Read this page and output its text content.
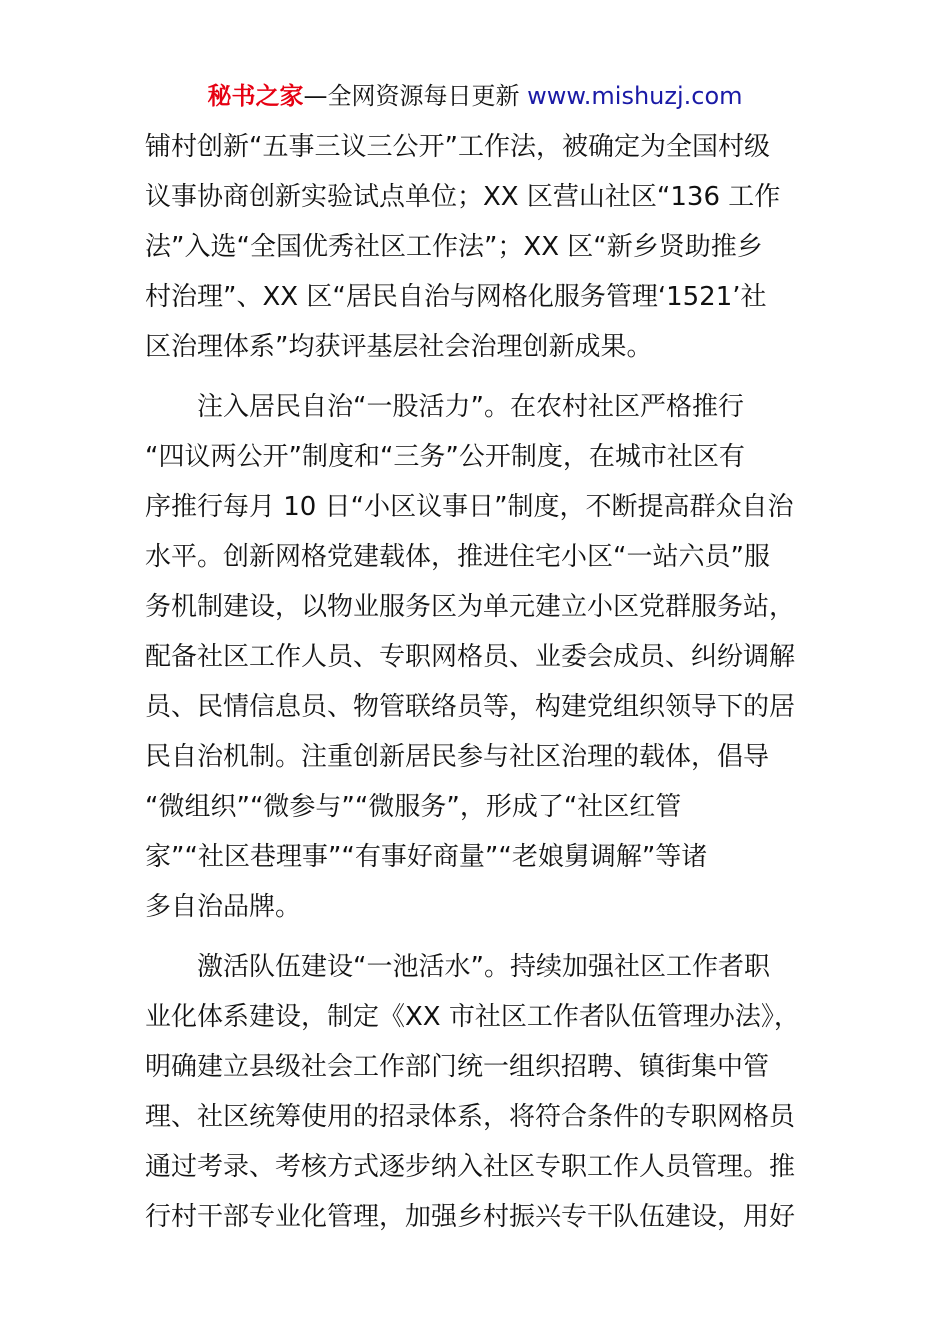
秘书之家—全网资源每日更新 www.mishuzj.com
铺村创新“五事三议三公开”工作法，被确定为全国村级
议事协商创新实验试点单位；XX 区营山社区“136 工作
法”入选“全国优秀社区工作法”；XX 区“新乡贤助推乡
村治理”、XX 区“居民自治与网格化服务管理‘1521’社
区治理体系”均获评基层社会治理创新成果。
注入居民自治“一股活力”。在农村社区严格推行
“四议两公开”制度和“三务”公开制度，在城市社区有
序推行每月 10 日“小区议事日”制度，不断提高群众自治
水平。创新网格党建载体，推进住宅小区“一站六员”服
务机制建设，以物业服务区为单元建立小区党群服务站，
配备社区工作人员、专职网格员、业委会成员、纠纷调解
员、民情信息员、物管联络员等，构建党组织领导下的居
民自治机制。注重创新居民参与社区治理的载体，倡导
“微组织”“微参与”“微服务”，形成了“社区红管
家”“社区巷理事”“有事好商量”“老娘舅调解”等诸
多自治品牌。
激活队伍建设“一池活水”。持续加强社区工作者职
业化体系建设，制定《XX 市社区工作者队伍管理办法》，
明确建立县级社会工作部门统一组织招聘、镇街集中管
理、社区统筹使用的招录体系，将符合条件的专职网格员
通过考录、考核方式逐步纳入社区专职工作人员管理。推
行村干部专业化管理，加强乡村振兴专干队伍建设，用好
